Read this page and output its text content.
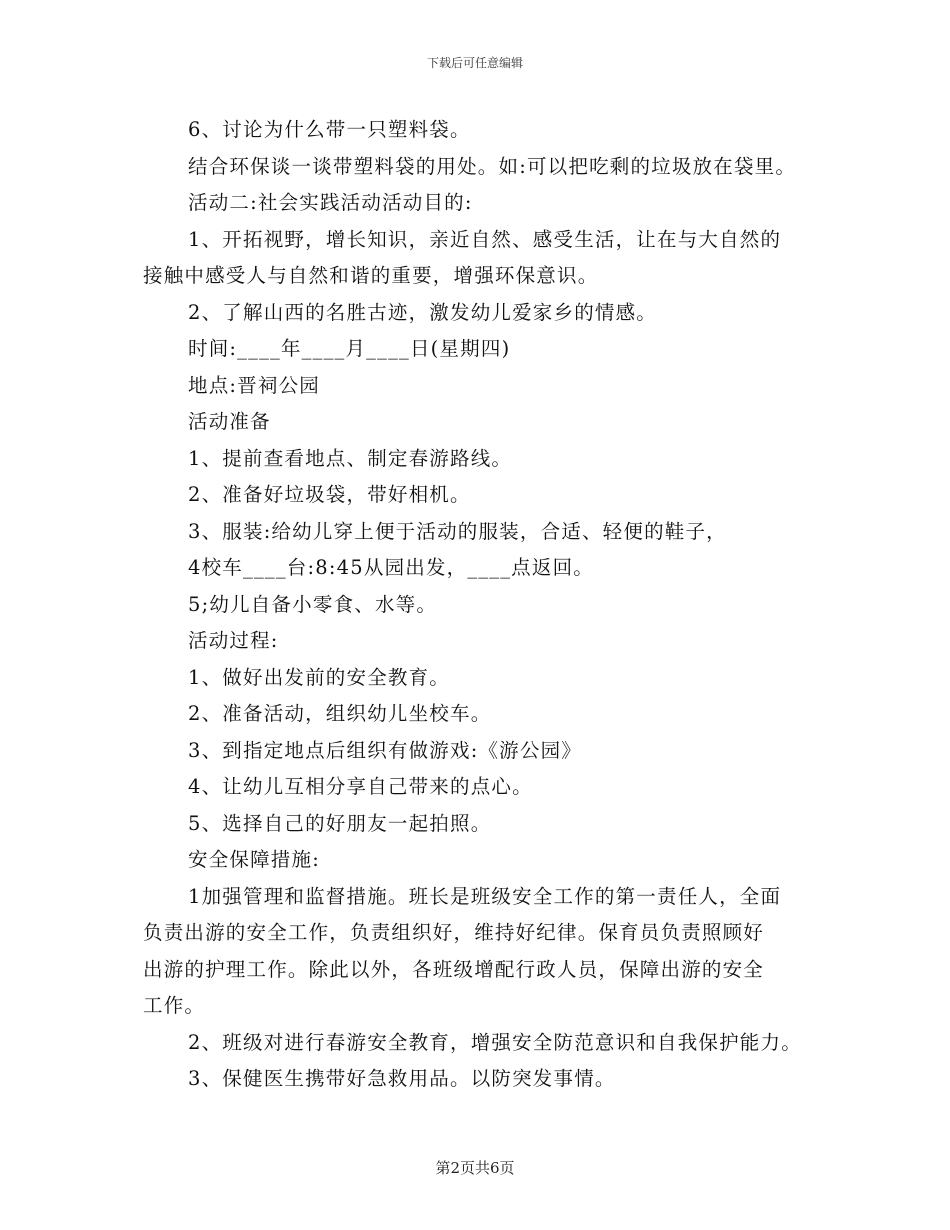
下载后可任意编辑
6、讨论为什么带一只塑料袋。
结合环保谈一谈带塑料袋的用处。如:可以把吃剩的垃圾放在袋里。
活动二:社会实践活动活动目的:
1、开拓视野，增长知识，亲近自然、感受生活，让在与大自然的
接触中感受人与自然和谐的重要，增强环保意识。
2、了解山西的名胜古迹，激发幼儿爱家乡的情感。
时间:____年____月____日(星期四)
地点:晋祠公园
活动准备
1、提前查看地点、制定春游路线。
2、准备好垃圾袋，带好相机。
3、服装:给幼儿穿上便于活动的服装，合适、轻便的鞋子，
4校车____台:8:45从园出发，____点返回。
5;幼儿自备小零食、水等。
活动过程:
1、做好出发前的安全教育。
2、准备活动，组织幼儿坐校车。
3、到指定地点后组织有做游戏:《游公园》
4、让幼儿互相分享自己带来的点心。
5、选择自己的好朋友一起拍照。
安全保障措施:
1加强管理和监督措施。班长是班级安全工作的第一责任人，全面
负责出游的安全工作，负责组织好，维持好纪律。保育员负责照顾好
出游的护理工作。除此以外，各班级增配行政人员，保障出游的安全
工作。
2、班级对进行春游安全教育，增强安全防范意识和自我保护能力。
3、保健医生携带好急救用品。以防突发事情。
第2页共6页
